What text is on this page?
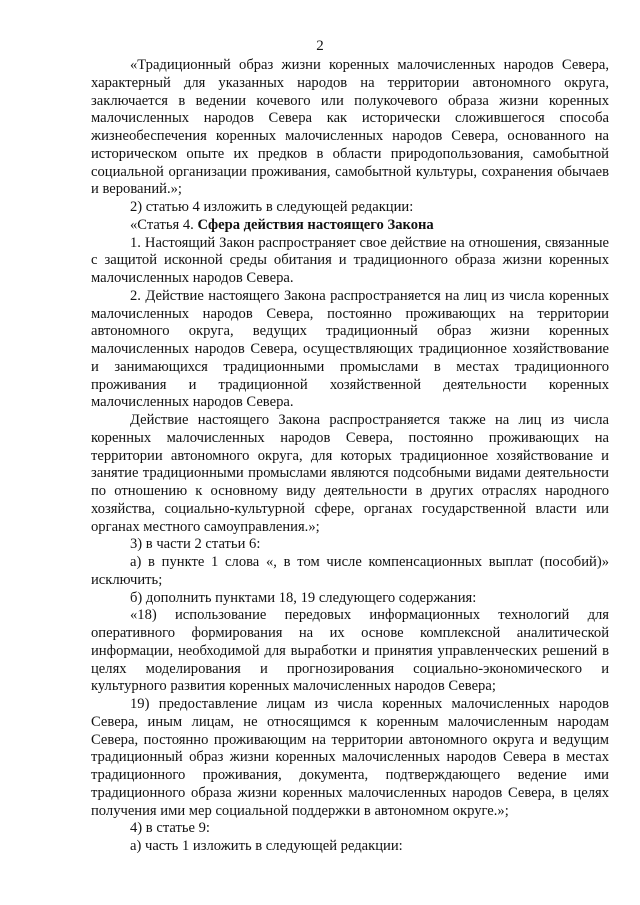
2

«Традиционный образ жизни коренных малочисленных народов Севера, характерный для указанных народов на территории автономного округа, заключается в ведении кочевого или полукочевого образа жизни коренных малочисленных народов Севера как исторически сложившегося способа жизнеобеспечения коренных малочисленных народов Севера, основанного на историческом опыте их предков в области природопользования, самобытной социальной организации проживания, самобытной культуры, сохранения обычаев и верований.»;

2) статью 4 изложить в следующей редакции:

«Статья 4. Сфера действия настоящего Закона

1. Настоящий Закон распространяет свое действие на отношения, связанные с защитой исконной среды обитания и традиционного образа жизни коренных малочисленных народов Севера.

2. Действие настоящего Закона распространяется на лиц из числа коренных малочисленных народов Севера, постоянно проживающих на территории автономного округа, ведущих традиционный образ жизни коренных малочисленных народов Севера, осуществляющих традиционное хозяйствование и занимающихся традиционными промыслами в местах традиционного проживания и традиционной хозяйственной деятельности коренных малочисленных народов Севера.

Действие настоящего Закона распространяется также на лиц из числа коренных малочисленных народов Севера, постоянно проживающих на территории автономного округа, для которых традиционное хозяйствование и занятие традиционными промыслами являются подсобными видами деятельности по отношению к основному виду деятельности в других отраслях народного хозяйства, социально-культурной сфере, органах государственной власти или органах местного самоуправления.»;

3) в части 2 статьи 6:

а) в пункте 1 слова «, в том числе компенсационных выплат (пособий)» исключить;

б) дополнить пунктами 18, 19 следующего содержания:

«18) использование передовых информационных технологий для оперативного формирования на их основе комплексной аналитической информации, необходимой для выработки и принятия управленческих решений в целях моделирования и прогнозирования социально-экономического и культурного развития коренных малочисленных народов Севера;

19) предоставление лицам из числа коренных малочисленных народов Севера, иным лицам, не относящимся к коренным малочисленным народам Севера, постоянно проживающим на территории автономного округа и ведущим традиционный образ жизни коренных малочисленных народов Севера в местах традиционного проживания, документа, подтверждающего ведение ими традиционного образа жизни коренных малочисленных народов Севера, в целях получения ими мер социальной поддержки в автономном округе.»;

4) в статье 9:

а) часть 1 изложить в следующей редакции:
